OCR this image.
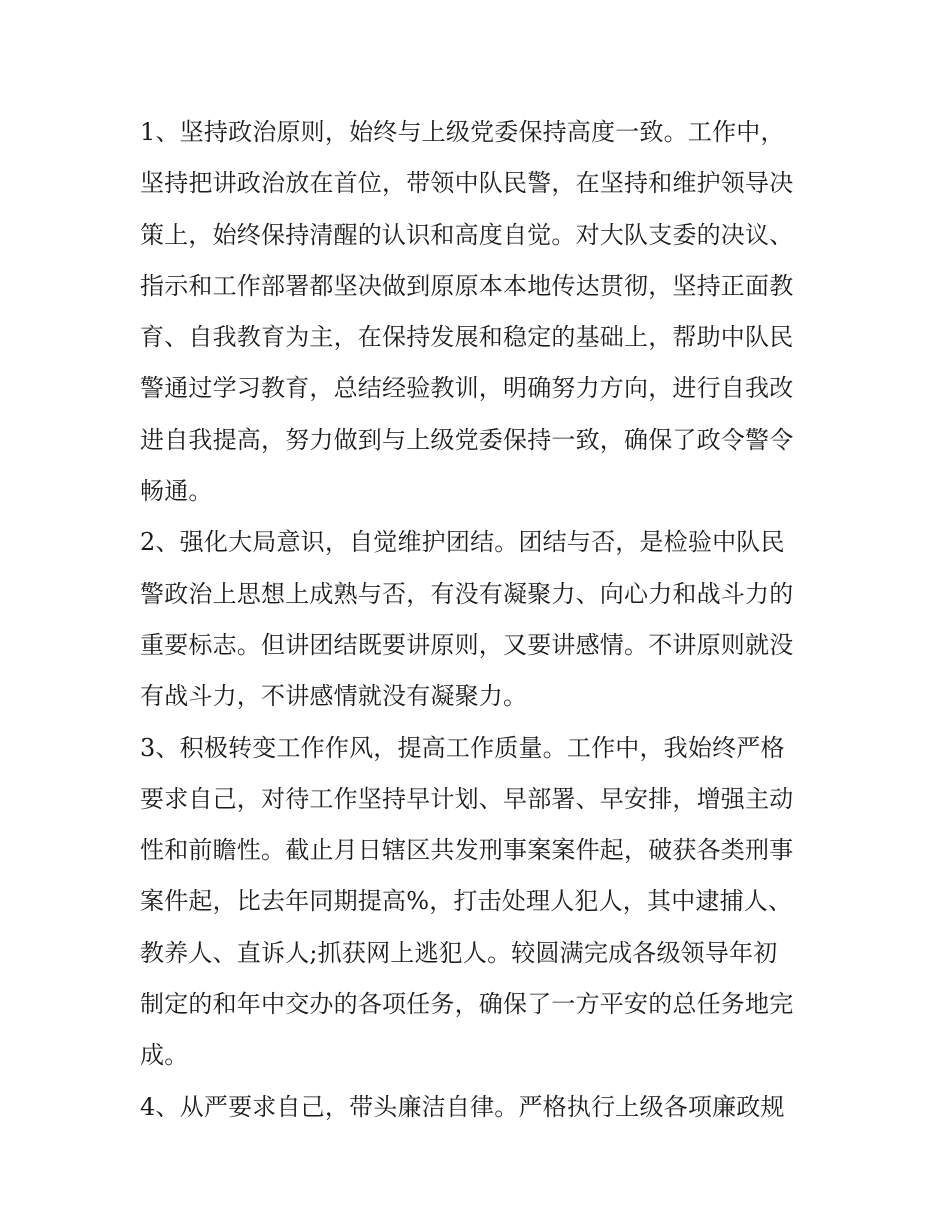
1、坚持政治原则，始终与上级党委保持高度一致。工作中，
坚持把讲政治放在首位，带领中队民警，在坚持和维护领导决
策上，始终保持清醒的认识和高度自觉。对大队支委的决议、
指示和工作部署都坚决做到原原本本地传达贯彻，坚持正面教
育、自我教育为主，在保持发展和稳定的基础上，帮助中队民
警通过学习教育，总结经验教训，明确努力方向，进行自我改
进自我提高，努力做到与上级党委保持一致，确保了政令警令
畅通。
2、强化大局意识，自觉维护团结。团结与否，是检验中队民
警政治上思想上成熟与否，有没有凝聚力、向心力和战斗力的
重要标志。但讲团结既要讲原则，又要讲感情。不讲原则就没
有战斗力，不讲感情就没有凝聚力。
3、积极转变工作作风，提高工作质量。工作中，我始终严格
要求自己，对待工作坚持早计划、早部署、早安排，增强主动
性和前瞻性。截止月日辖区共发刑事案案件起，破获各类刑事
案件起，比去年同期提高%，打击处理人犯人，其中逮捕人、
教养人、直诉人;抓获网上逃犯人。较圆满完成各级领导年初
制定的和年中交办的各项任务，确保了一方平安的总任务地完
成。
4、从严要求自己，带头廉洁自律。严格执行上级各项廉政规
